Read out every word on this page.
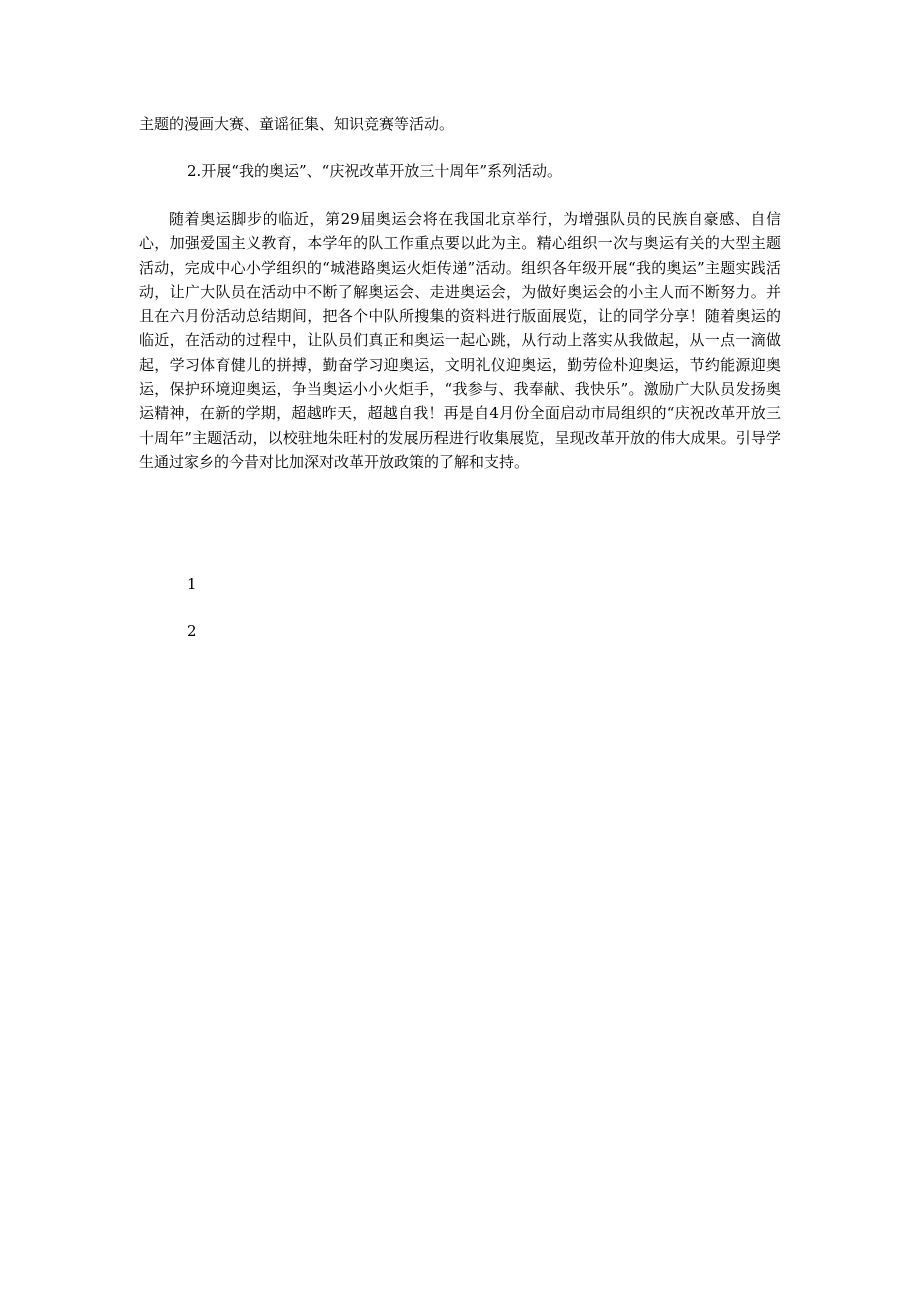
主题的漫画大赛、童谣征集、知识竞赛等活动。
2.开展“我的奥运”、“庆祝改革开放三十周年”系列活动。
随着奥运脚步的临近，第29届奥运会将在我国北京举行，为增强队员的民族自豪感、自信心，加强爱国主义教育，本学年的队工作重点要以此为主。精心组织一次与奥运有关的大型主题活动，完成中心小学组织的“城港路奥运火炬传递”活动。组织各年级开展“我的奥运”主题实践活动，让广大队员在活动中不断了解奥运会、走进奥运会，为做好奥运会的小主人而不断努力。并且在六月份活动总结期间，把各个中队所搜集的资料进行版面展览，让的同学分享！随着奥运的临近，在活动的过程中，让队员们真正和奥运一起心跳，从行动上落实从我做起，从一点一滴做起，学习体育健儿的拼搏，勤奋学习迎奥运，文明礼仪迎奥运，勤劳俭朴迎奥运，节约能源迎奥运，保护环境迎奥运，争当奥运小小火炬手，“我参与、我奉献、我快乐”。激励广大队员发扬奥运精神，在新的学期，超越昨天，超越自我！再是自4月份全面启动市局组织的“庆祝改革开放三十周年”主题活动，以校驻地朱旺村的发展历程进行收集展览，呈现改革开放的伟大成果。引导学生通过家乡的今昔对比加深对改革开放政策的了解和支持。
1
2
